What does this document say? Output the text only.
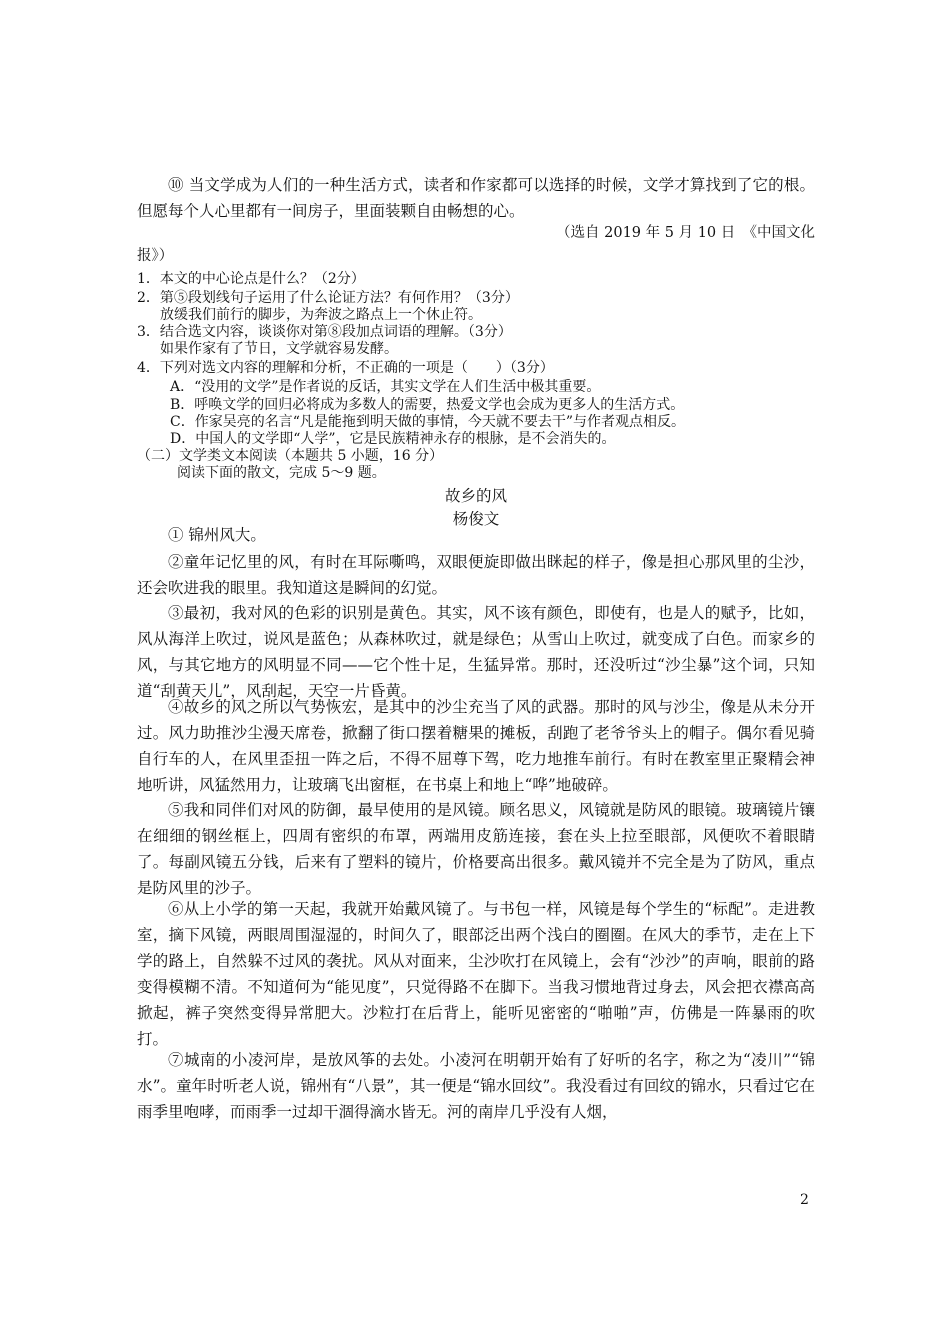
⑩ 当文学成为人们的一种生活方式，读者和作家都可以选择的时候，文学才算找到了它的根。但愿每个人心里都有一间房子，里面装颗自由畅想的心。

（选自 2019 年 5 月 10 日　《中国文化
报》）
1．本文的中心论点是什么？（2分）
2．第⑤段划线句子运用了什么论证方法？有何作用？（3分）
放缓我们前行的脚步，为奔波之路点上一个休止符。
3．结合选文内容，谈谈你对第⑧段加点词语的理解。（3分）
如果作家有了节日，文学就容易发酵。
4．下列对选文内容的理解和分析，不正确的一项是（　　）（3分）
A．“没用的文学”是作者说的反话，其实文学在人们生活中极其重要。
B．呼唤文学的回归必将成为多数人的需要，热爱文学也会成为更多人的生活方式。
C．作家吴亮的名言“凡是能拖到明天做的事情，今天就不要去干”与作者观点相反。
D．中国人的文学即“人学”，它是民族精神永存的根脉，是不会消失的。
（二）文学类文本阅读（本题共 5 小题，16 分）
阅读下面的散文，完成 5～9 题。
故乡的风
杨俊文

① 锦州风大。

②童年记忆里的风，有时在耳际嘶鸣，双眼便旋即做出眯起的样子，像是担心那风里的尘沙，还会吹进我的眼里。我知道这是瞬间的幻觉。

③最初，我对风的色彩的识别是黄色。其实，风不该有颜色，即使有，也是人的赋予，比如，风从海洋上吹过，说风是蓝色；从森林吹过，就是绿色；从雪山上吹过，就变成了白色。而家乡的风，与其它地方的风明显不同——它个性十足，生猛异常。那时，还没听过“沙尘暴”这个词，只知道“刮黄天儿”，风刮起，天空一片昏黄。

④故乡的风之所以气势恢宏，是其中的沙尘充当了风的武器。那时的风与沙尘，像是从未分开过。风力助推沙尘漫天席卷，掀翻了街口摆着糖果的摊板，刮跑了老爷爷头上的帽子。偶尔看见骑自行车的人，在风里歪扭一阵之后，不得不屈尊下驾，吃力地推车前行。有时在教室里正聚精会神地听讲，风猛然用力，让玻璃飞出窗框，在书桌上和地上“哗”地破碎。

⑤我和同伴们对风的防御，最早使用的是风镜。顾名思义，风镜就是防风的眼镜。玻璃镜片镶在细细的钢丝框上，四周有密织的布罩，两端用皮筋连接，套在头上拉至眼部，风便吹不着眼睛了。每副风镜五分钱，后来有了塑料的镜片，价格要高出很多。戴风镜并不完全是为了防风，重点是防风里的沙子。

⑥从上小学的第一天起，我就开始戴风镜了。与书包一样，风镜是每个学生的“标配”。走进教室，摘下风镜，两眼周围湿湿的，时间久了，眼部泛出两个浅白的圈圈。在风大的季节，走在上下学的路上，自然躲不过风的袭扰。风从对面来，尘沙吹打在风镜上，会有“沙沙”的声响，眼前的路变得模糊不清。不知道何为“能见度”，只觉得路不在脚下。当我习惯地背过身去，风会把衣襟高高掀起，裤子突然变得异常肥大。沙粒打在后背上，能听见密密的“啪啪”声，仿佛是一阵暴雨的吹打。

⑦城南的小凌河岸，是放风筝的去处。小凌河在明朝开始有了好听的名字，称之为“凌川”“锦水”。童年时听老人说，锦州有“八景”，其一便是“锦水回纹”。我没看过有回纹的锦水，只看过它在雨季里咆哮，而雨季一过却干涸得滴水皆无。河的南岸几乎没有人烟，

2
